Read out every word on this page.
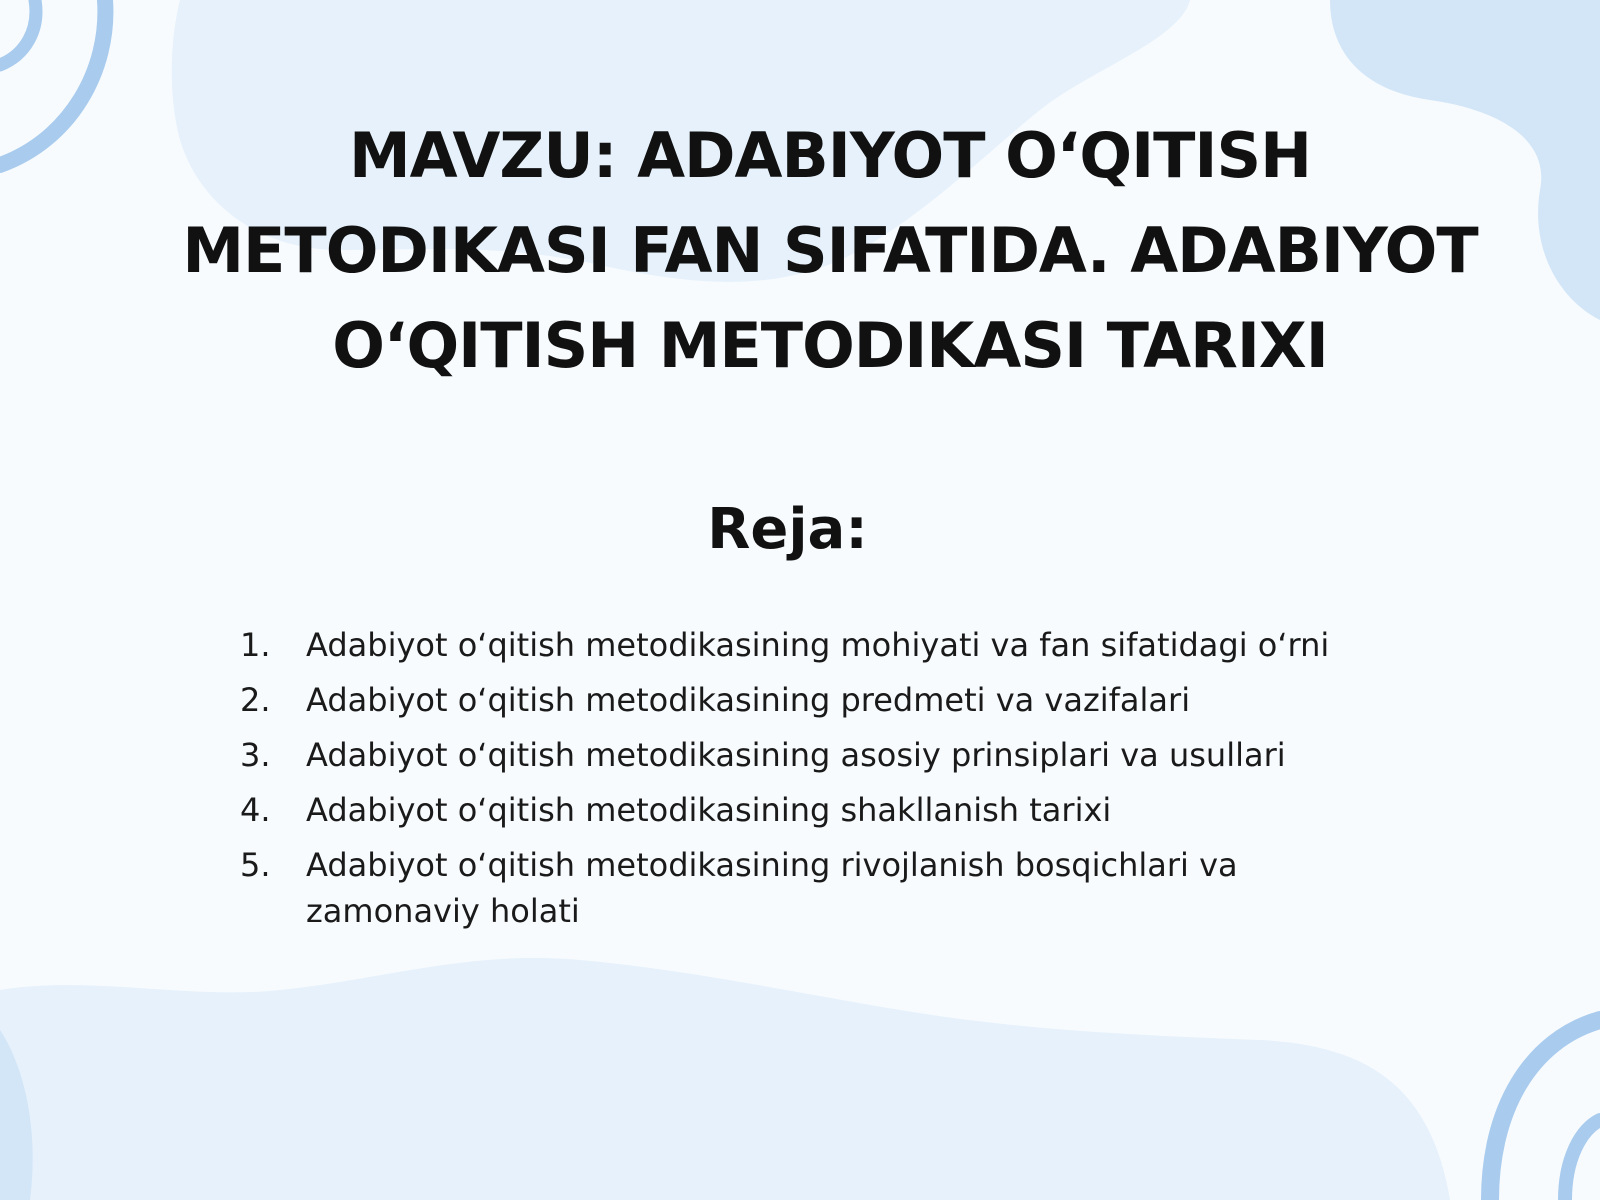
MAVZU: ADABIYOT O‘QITISH METODIKASI FAN SIFATIDA. ADABIYOT O‘QITISH METODIKASI TARIXI
Reja:
1.	Adabiyot o‘qitish metodikasining mohiyati va fan sifatidagi o‘rni
2.	Adabiyot o‘qitish metodikasining predmeti va vazifalari
3.	Adabiyot o‘qitish metodikasining asosiy prinsiplari va usullari
4.	Adabiyot o‘qitish metodikasining shakllanish tarixi
5.	Adabiyot o‘qitish metodikasining rivojlanish bosqichlari va zamonaviy holati
